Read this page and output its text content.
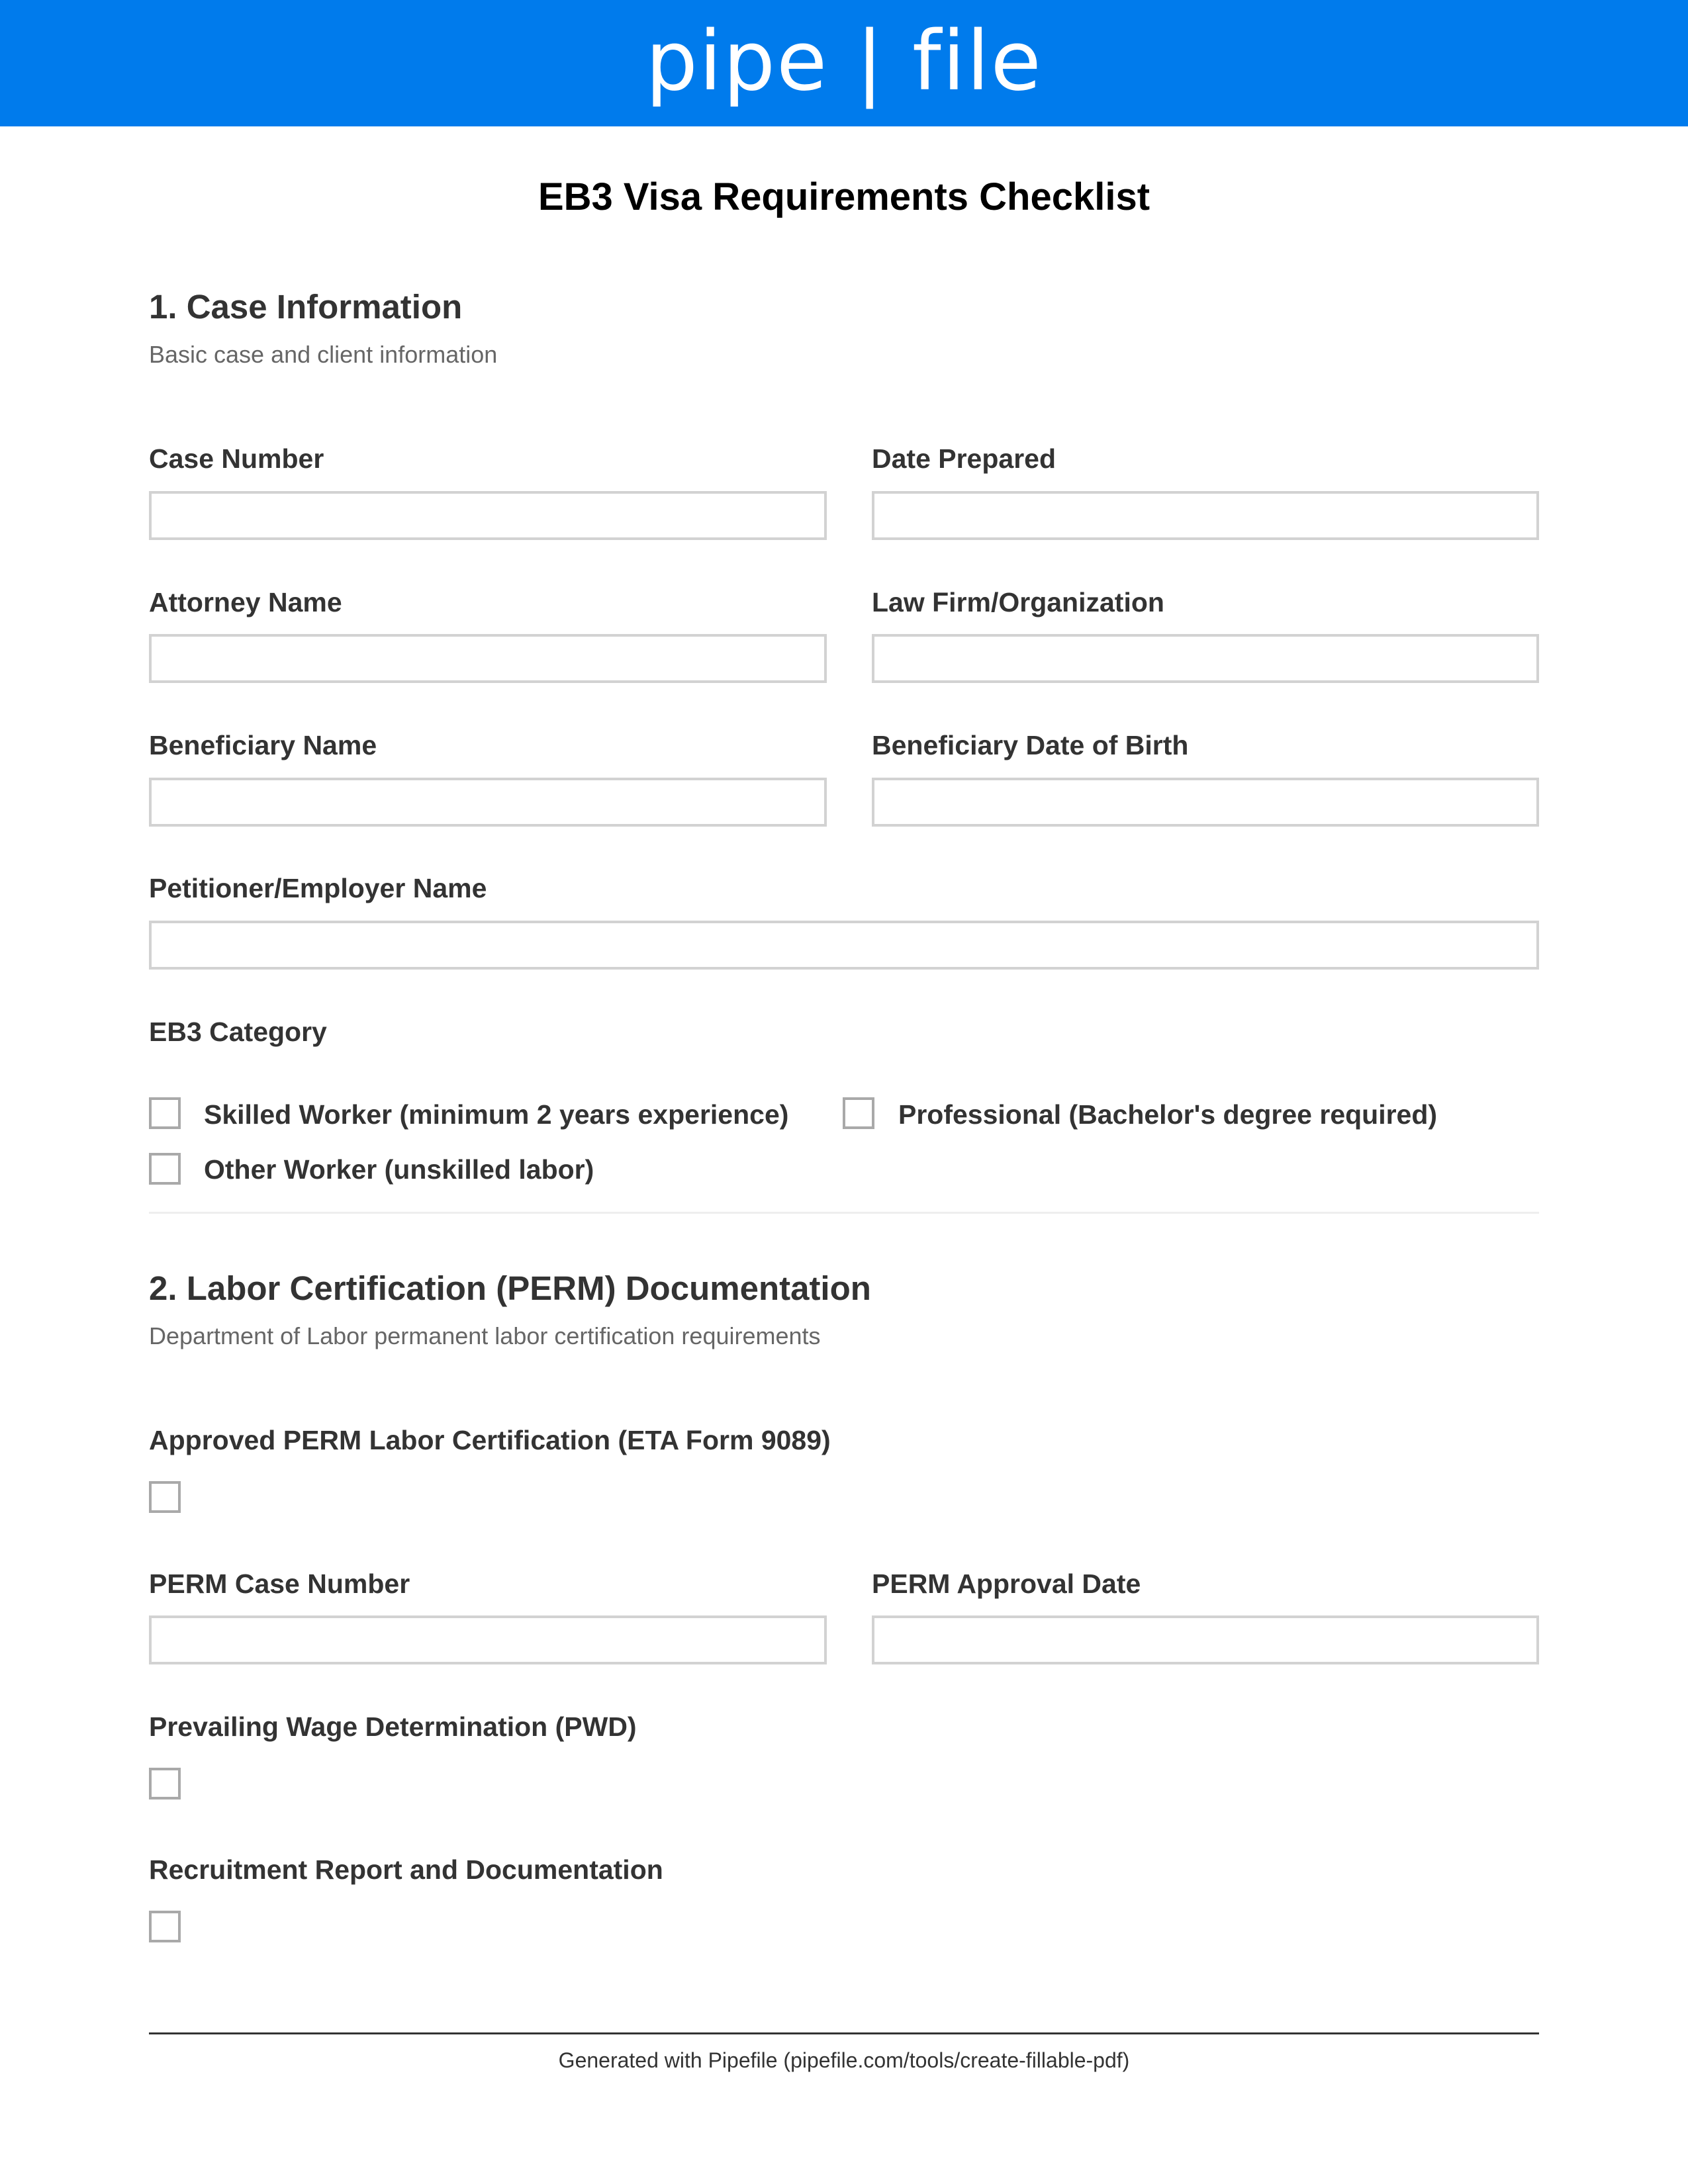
pipe | file
EB3 Visa Requirements Checklist
1. Case Information
Basic case and client information
Case Number	Date Prepared
Attorney Name	Law Firm/Organization
Beneficiary Name	Beneficiary Date of Birth
Petitioner/Employer Name
EB3 Category
Skilled Worker (minimum 2 years experience)	Professional (Bachelor's degree required)
Other Worker (unskilled labor)
2. Labor Certification (PERM) Documentation
Department of Labor permanent labor certification requirements
Approved PERM Labor Certification (ETA Form 9089)
PERM Case Number	PERM Approval Date
Prevailing Wage Determination (PWD)
Recruitment Report and Documentation
Generated with Pipefile (pipefile.com/tools/create-fillable-pdf)
